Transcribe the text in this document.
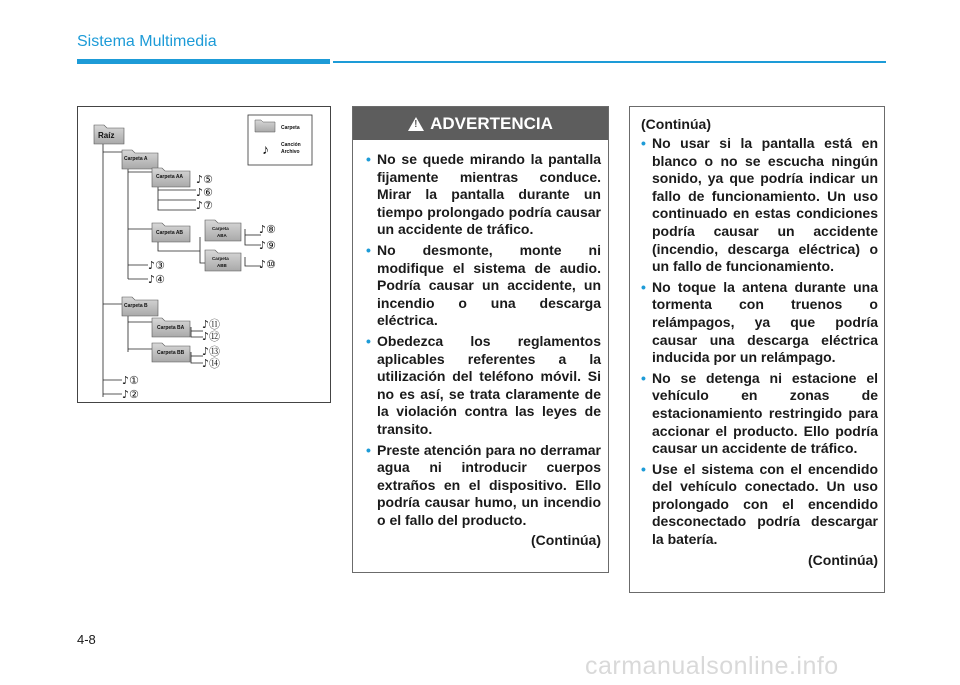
Sistema Multimedia
Raíz
Carpeta
Canción
Archivo
♪
Carpeta A
Carpeta AA
Carpeta AB
Carpeta
ABA
Carpeta
ABB
Carpeta B
Carpeta BA
Carpeta BB
♪⑤
♪⑥
♪⑦
♪⑧
♪⑨
♪⑩
♪③
♪④
♪⑪
♪⑫
♪⑬
♪⑭
♪①
♪②
! ADVERTENCIA
• No se quede mirando la pantalla fijamente mientras conduce. Mirar la pantalla durante un tiempo prolongado podría causar un accidente de tráfico.
• No desmonte, monte ni modifique el sistema de audio. Podría causar un accidente, un incendio o una descarga eléctrica.
• Obedezca los reglamentos aplicables referentes a la utilización del teléfono móvil. Si no es así, se trata claramente de la violación contra las leyes de transito.
• Preste atención para no derramar agua ni introducir cuerpos extraños en el dispositivo. Ello podría causar humo, un incendio o el fallo del producto.
(Continúa)
(Continúa)
• No usar si la pantalla está en blanco o no se escucha ningún sonido, ya que podría indicar un fallo de funcionamiento. Un uso continuado en estas condiciones podría causar un accidente (incendio, descarga eléctrica) o un fallo de funcionamiento.
• No toque la antena durante una tormenta con truenos o relámpagos, ya que podría causar una descarga eléctrica inducida por un relámpago.
• No se detenga ni estacione el vehículo en zonas de estacionamiento restringido para accionar el producto. Ello podría causar un accidente de tráfico.
• Use el sistema con el encendido del vehículo conectado. Un uso prolongado con el encendido desconectado podría descargar la batería.
(Continúa)
4-8
carmanualsonline.info
